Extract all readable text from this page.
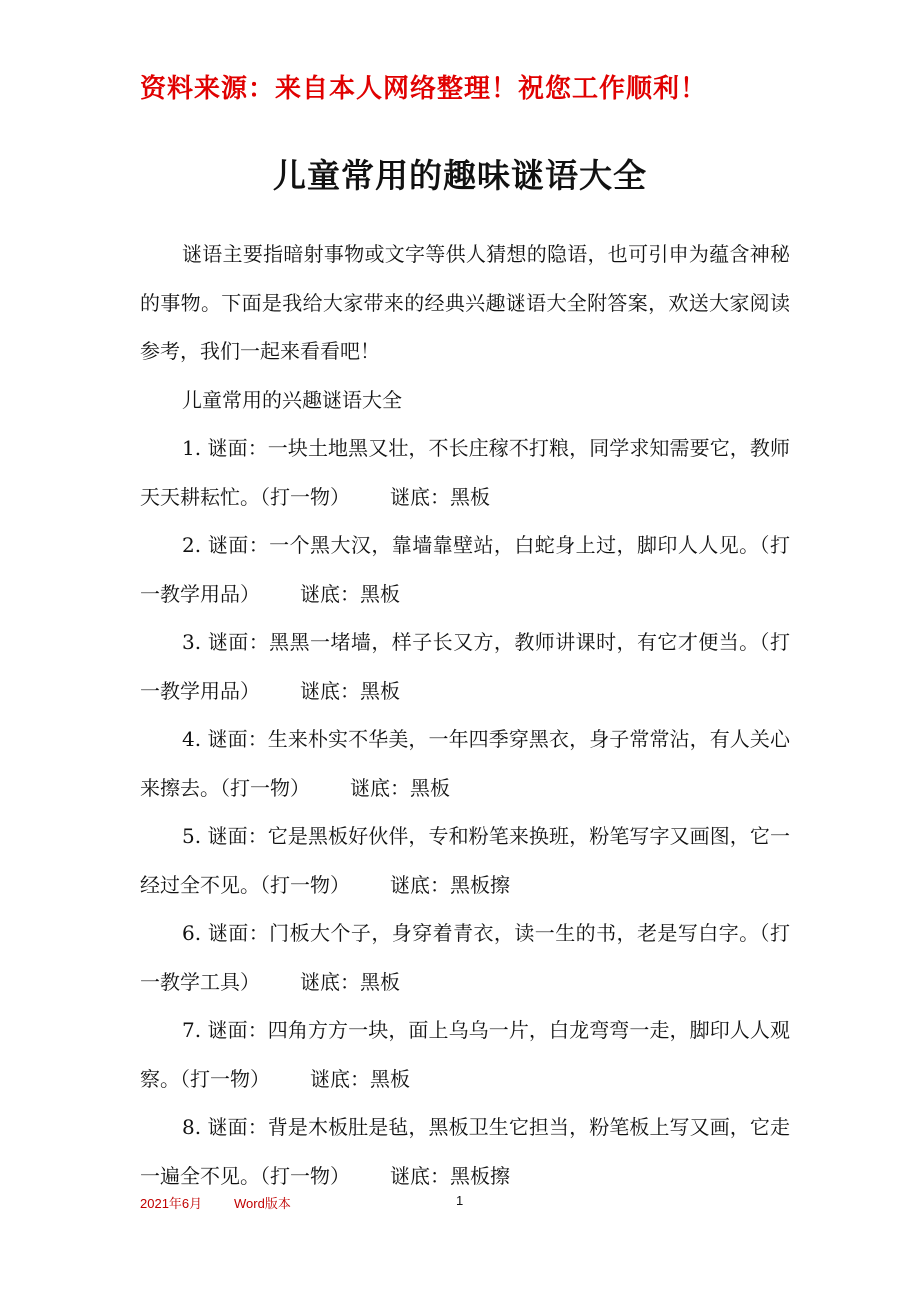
资料来源：来自本人网络整理！祝您工作顺利！
儿童常用的趣味谜语大全

谜语主要指暗射事物或文字等供人猜想的隐语，也可引申为蕴含神秘的事物。下面是我给大家带来的经典兴趣谜语大全附答案，欢送大家阅读参考，我们一起来看看吧！

儿童常用的兴趣谜语大全

1. 谜面：一块土地黑又壮，不长庄稼不打粮，同学求知需要它，教师天天耕耘忙。（打一物） 谜底：黑板

2. 谜面：一个黑大汉，靠墙靠壁站，白蛇身上过，脚印人人见。（打一教学用品） 谜底：黑板

3. 谜面：黑黑一堵墙，样子长又方，教师讲课时，有它才便当。（打一教学用品） 谜底：黑板

4. 谜面：生来朴实不华美，一年四季穿黑衣，身子常常沾，有人关心来擦去。（打一物） 谜底：黑板

5. 谜面：它是黑板好伙伴，专和粉笔来换班，粉笔写字又画图，它一经过全不见。（打一物） 谜底：黑板擦

6. 谜面：门板大个子，身穿着青衣，读一生的书，老是写白字。（打一教学工具） 谜底：黑板

7. 谜面：四角方方一块，面上乌乌一片，白龙弯弯一走，脚印人人观察。（打一物） 谜底：黑板

8. 谜面：背是木板肚是毡，黑板卫生它担当，粉笔板上写又画，它走一遍全不见。（打一物） 谜底：黑板擦

2021年6月 Word版本	1
